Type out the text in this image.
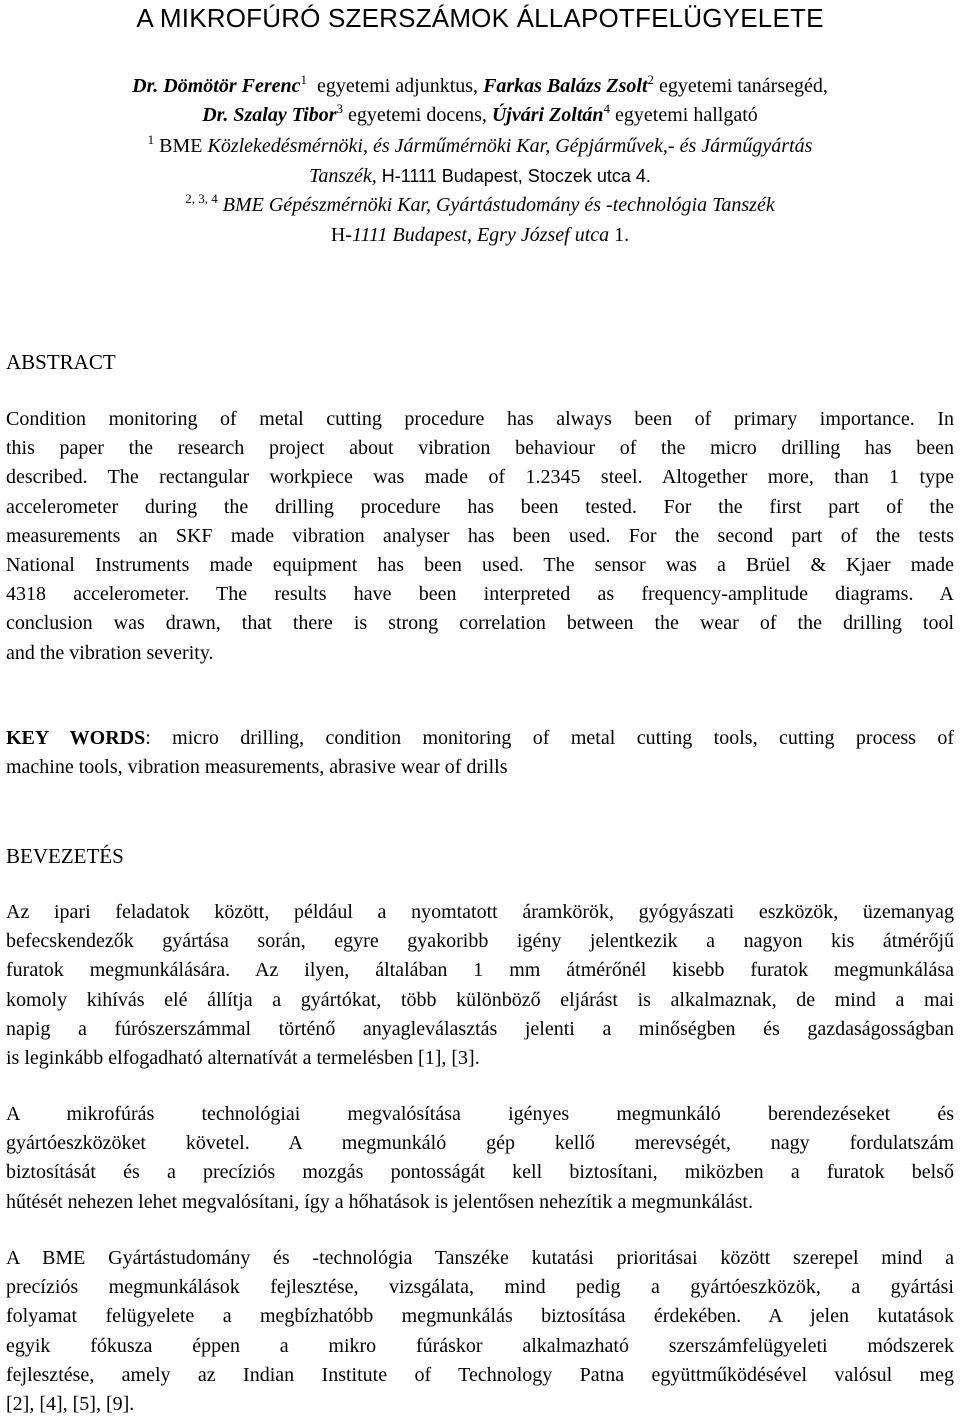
A MIKROFÚRÓ SZERSZÁMOK ÁLLAPOTFELÜGYELETE
Dr. Dömötör Ferenc$^1$ egyetemi adjunktus, Farkas Balázs Zsolt$^2$ egyetemi tanársegéd,
Dr. Szalay Tibor$^3$ egyetemi docens, Újvári Zoltán$^4$ egyetemi hallgató
$^1$ BME Közlekedésmérnöki, és Járműmérnöki Kar, Gépjárművek,- és Járműgyártás
Tanszék, H-1111 Budapest, Stoczek utca 4.
$^{2, 3, 4}$ BME Gépészmérnöki Kar, Gyártástudomány és -technológia Tanszék
H-1111 Budapest, Egry József utca 1.
ABSTRACT
Condition monitoring of metal cutting procedure has always been of primary importance. In
this paper the research project about vibration behaviour of the micro drilling has been
described. The rectangular workpiece was made of 1.2345 steel. Altogether more, than 1 type
accelerometer during the drilling procedure has been tested. For the first part of the
measurements an SKF made vibration analyser has been used. For the second part of the tests
National Instruments made equipment has been used. The sensor was a Brüel & Kjaer made
4318 accelerometer. The results have been interpreted as frequency-amplitude diagrams. A
conclusion was drawn, that there is strong correlation between the wear of the drilling tool
and the vibration severity.
KEY WORDS: micro drilling, condition monitoring of metal cutting tools, cutting process of
machine tools, vibration measurements, abrasive wear of drills
BEVEZETÉS
Az ipari feladatok között, például a nyomtatott áramkörök, gyógyászati eszközök, üzemanyag
befecskendezők gyártása során, egyre gyakoribb igény jelentkezik a nagyon kis átmérőjű
furatok megmunkálására. Az ilyen, általában 1 mm átmérőnél kisebb furatok megmunkálása
komoly kihívás elé állítja a gyártókat, több különböző eljárást is alkalmaznak, de mind a mai
napig a fúrószerszámmal történő anyagleválasztás jelenti a minőségben és gazdaságosságban
is leginkább elfogadható alternatívát a termelésben [1], [3].
A mikrofúrás technológiai megvalósítása igényes megmunkáló berendezéseket és
gyártóeszközöket követel. A megmunkáló gép kellő merevségét, nagy fordulatszám
biztosítását és a precíziós mozgás pontosságát kell biztosítani, miközben a furatok belső
hűtését nehezen lehet megvalósítani, így a hőhatások is jelentősen nehezítik a megmunkálást.
A BME Gyártástudomány és -technológia Tanszéke kutatási prioritásai között szerepel mind a
precíziós megmunkálások fejlesztése, vizsgálata, mind pedig a gyártóeszközök, a gyártási
folyamat felügyelete a megbízhatóbb megmunkálás biztosítása érdekében. A jelen kutatások
egyik fókusza éppen a mikro fúráskor alkalmazható szerszámfelügyeleti módszerek
fejlesztése, amely az Indian Institute of Technology Patna együttműködésével valósul meg
[2], [4], [5], [9].
